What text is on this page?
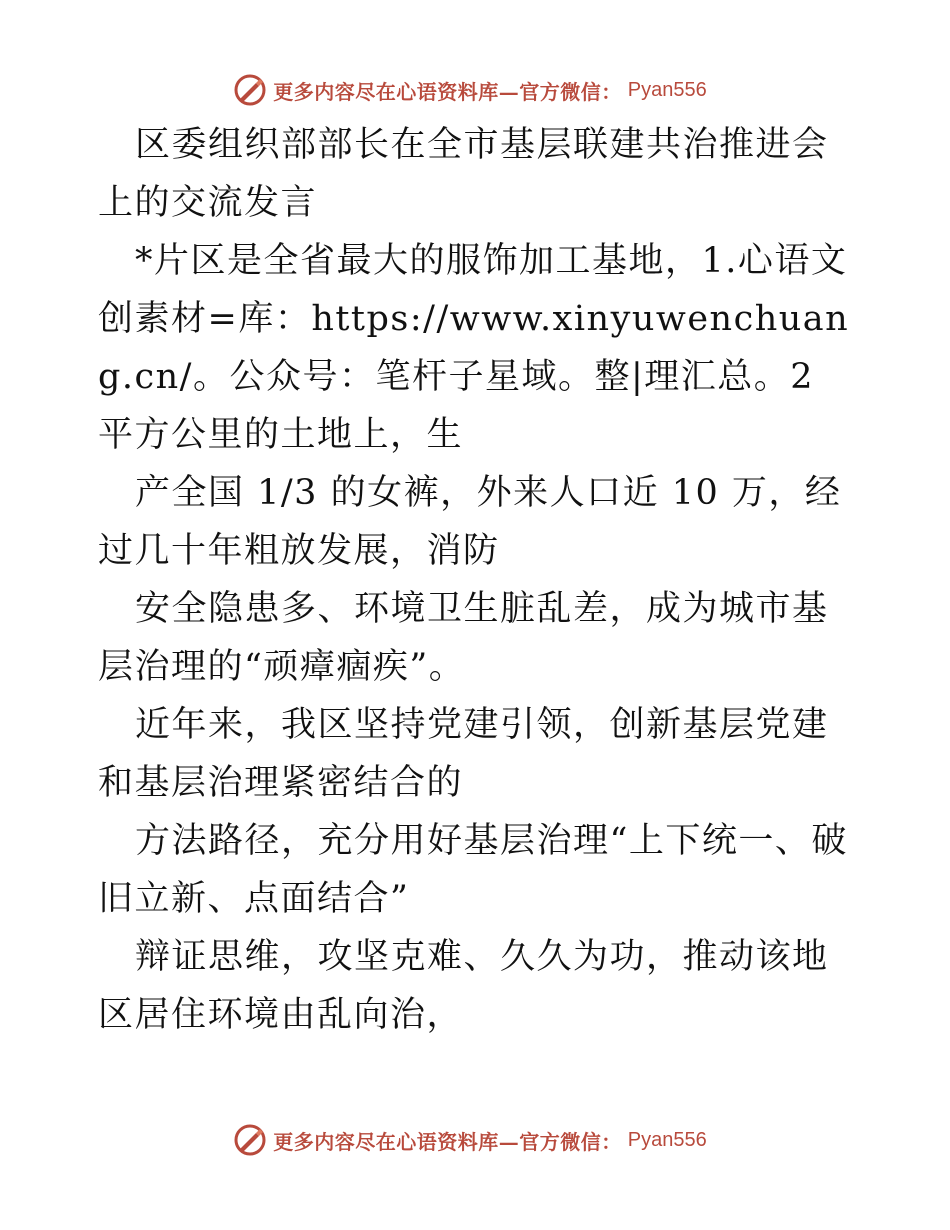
更多内容尽在心语资料库—官方微信： Pyan556

区委组织部部长在全市基层联建共治推进会上的交流发言

*片区是全省最大的服饰加工基地，1.心语文创素材=库：https://www.xinyuwenchuang.cn/。公众号：笔杆子星域。整|理汇总。2 平方公里的土地上，生

产全国 1/3 的女裤，外来人口近 10 万，经过几十年粗放发展，消防

安全隐患多、环境卫生脏乱差，成为城市基层治理的“顽瘴痼疾”。

近年来，我区坚持党建引领，创新基层党建和基层治理紧密结合的

方法路径，充分用好基层治理“上下统一、破旧立新、点面结合”

辩证思维，攻坚克难、久久为功，推动该地区居住环境由乱向治，

更多内容尽在心语资料库—官方微信： Pyan556
